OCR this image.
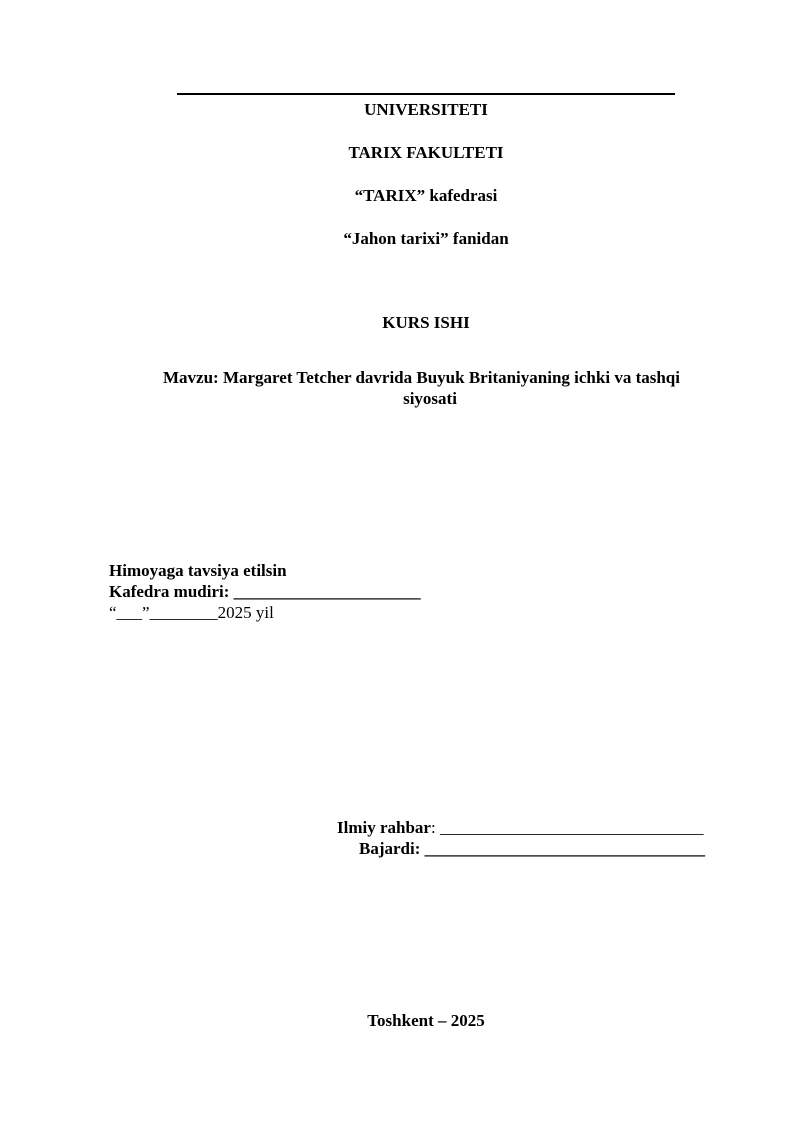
UNIVERSITETI
TARIX FAKULTETI
“TARIX” kafedrasi
“Jahon tarixi” fanidan
KURS ISHI
Mavzu: Margaret Tetcher davrida Buyuk Britaniyaning ichki va tashqi
siyosati
Himoyaga tavsiya etilsin
Kafedra mudiri: ______________________
“___”________2025 yil
Ilmiy rahbar: _______________________________
Bajardi: _________________________________
Toshkent – 2025
